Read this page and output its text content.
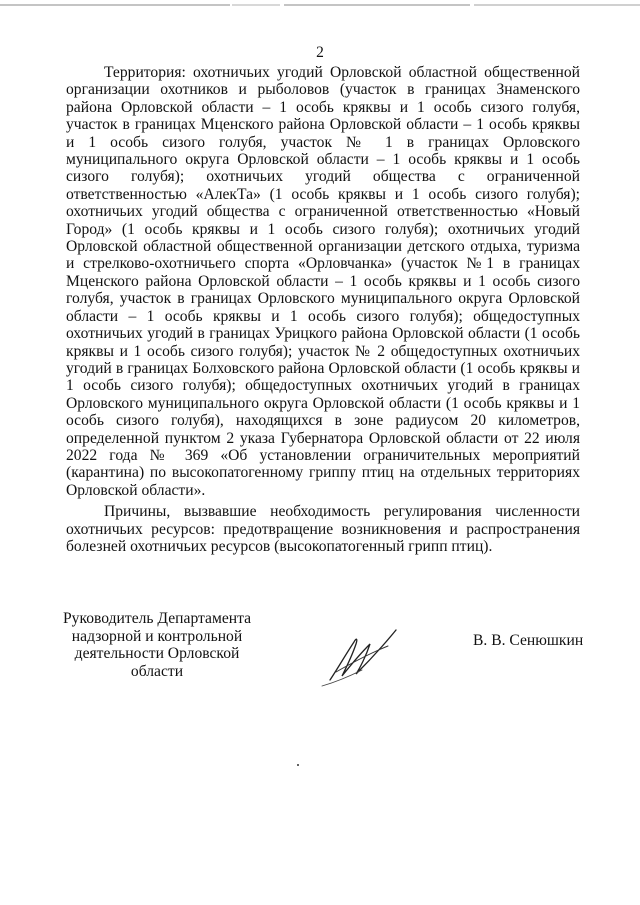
2

Территория: охотничьих угодий Орловской областной общественной организации охотников и рыболовов (участок в границах Знаменского района Орловской области – 1 особь кряквы и 1 особь сизого голубя, участок в границах Мценского района Орловской области – 1 особь кряквы и 1 особь сизого голубя, участок № 1 в границах Орловского муниципального округа Орловской области – 1 особь кряквы и 1 особь сизого голубя); охотничьих угодий общества с ограниченной ответственностью «АлекТа» (1 особь кряквы и 1 особь сизого голубя); охотничьих угодий общества с ограниченной ответственностью «Новый Город» (1 особь кряквы и 1 особь сизого голубя); охотничьих угодий Орловской областной общественной организации детского отдыха, туризма и стрелково-охотничьего спорта «Орловчанка» (участок №1 в границах Мценского района Орловской области – 1 особь кряквы и 1 особь сизого голубя, участок в границах Орловского муниципального округа Орловской области – 1 особь кряквы и 1 особь сизого голубя); общедоступных охотничьих угодий в границах Урицкого района Орловской области (1 особь кряквы и 1 особь сизого голубя); участок № 2 общедоступных охотничьих угодий в границах Болховского района Орловской области (1 особь кряквы и 1 особь сизого голубя); общедоступных охотничьих угодий в границах Орловского муниципального округа Орловской области (1 особь кряквы и 1 особь сизого голубя), находящихся в зоне радиусом 20 километров, определенной пунктом 2 указа Губернатора Орловской области от 22 июля 2022 года № 369 «Об установлении ограничительных мероприятий (карантина) по высокопатогенному гриппу птиц на отдельных территориях Орловской области».

Причины, вызвавшие необходимость регулирования численности охотничьих ресурсов: предотвращение возникновения и распространения болезней охотничьих ресурсов (высокопатогенный грипп птиц).

Руководитель Департамента
надзорной и контрольной
деятельности Орловской
области
В. В. Сенюшкин
